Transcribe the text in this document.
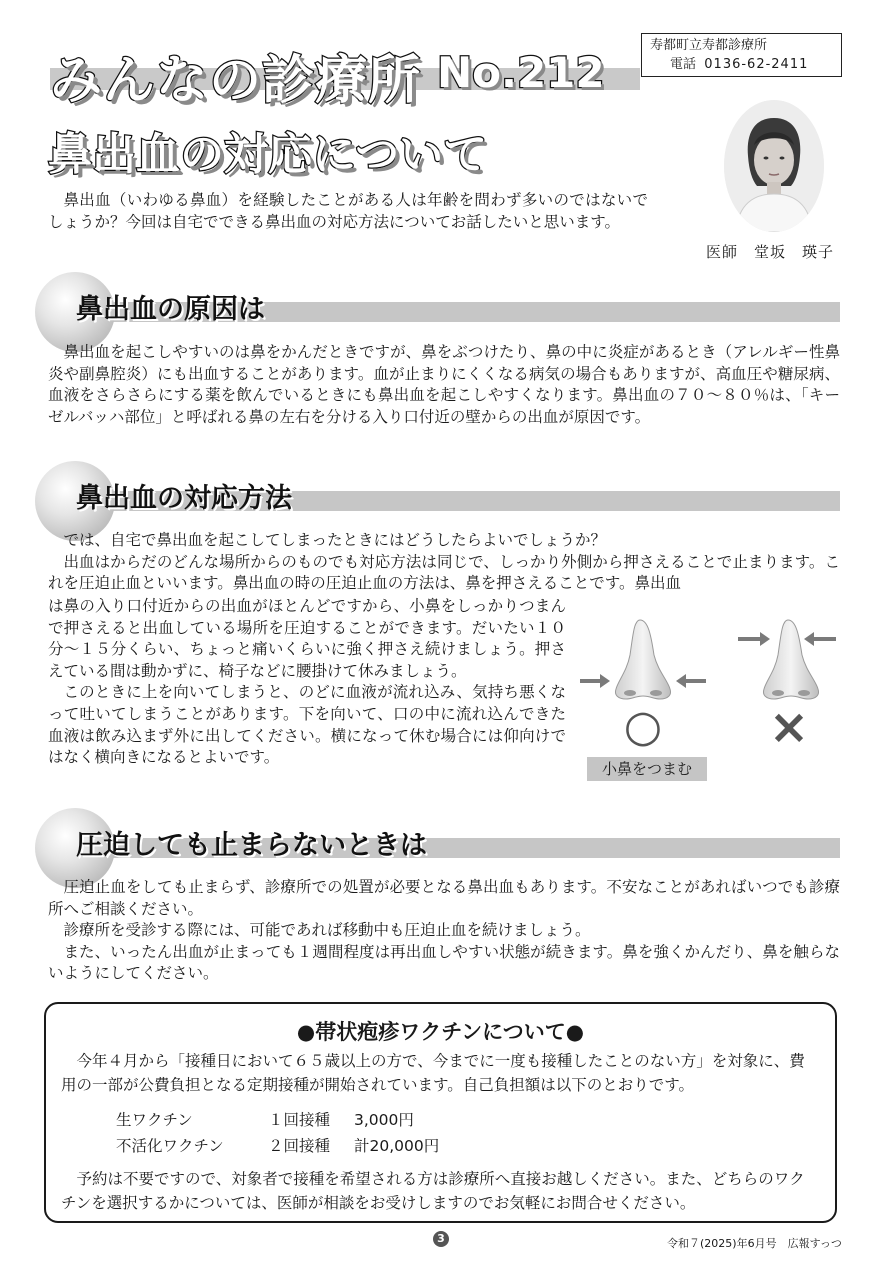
みんなの診療所 No.212
鼻出血の対応について
寿都町立寿都診療所
電話 0136-62-2411
医師　堂坂　瑛子

鼻出血（いわゆる鼻血）を経験したことがある人は年齢を問わず多いのではないでしょうか？今回は自宅でできる鼻出血の対応方法についてお話したいと思います。

鼻出血の原因は

鼻出血を起こしやすいのは鼻をかんだときですが、鼻をぶつけたり、鼻の中に炎症があるとき（アレルギー性鼻炎や副鼻腔炎）にも出血することがあります。血が止まりにくくなる病気の場合もありますが、高血圧や糖尿病、血液をさらさらにする薬を飲んでいるときにも鼻出血を起こしやすくなります。鼻出血の７０～８０％は、「キーゼルバッハ部位」と呼ばれる鼻の左右を分ける入り口付近の壁からの出血が原因です。

鼻出血の対応方法

では、自宅で鼻出血を起こしてしまったときにはどうしたらよいでしょうか？

出血はからだのどんな場所からのものでも対応方法は同じで、しっかり外側から押さえることで止まります。これを圧迫止血といいます。鼻出血の時の圧迫止血の方法は、鼻を押さえることです。鼻出血

は鼻の入り口付近からの出血がほとんどですから、小鼻をしっかりつまんで押さえると出血している場所を圧迫することができます。だいたい１０分～１５分くらい、ちょっと痛いくらいに強く押さえ続けましょう。押さえている間は動かずに、椅子などに腰掛けて休みましょう。

このときに上を向いてしまうと、のどに血液が流れ込み、気持ち悪くなって吐いてしまうことがあります。下を向いて、口の中に流れ込んできた血液は飲み込まず外に出してください。横になって休む場合には仰向けではなく横向きになるとよいです。

○ ×
小鼻をつまむ
圧迫しても止まらないときは

圧迫止血をしても止まらず、診療所での処置が必要となる鼻出血もあります。不安なことがあればいつでも診療所へご相談ください。

診療所を受診する際には、可能であれば移動中も圧迫止血を続けましょう。

また、いったん出血が止まっても１週間程度は再出血しやすい状態が続きます。鼻を強くかんだり、鼻を触らないようにしてください。

●帯状疱疹ワクチンについて●

今年４月から「接種日において６５歳以上の方で、今までに一度も接種したことのない方」を対象に、費用の一部が公費負担となる定期接種が開始されています。自己負担額は以下のとおりです。

生ワクチン	１回接種 3,000円
不活化ワクチン	２回接種 計20,000円

予約は不要ですので、対象者で接種を希望される方は診療所へ直接お越しください。また、どちらのワクチンを選択するかについては、医師が相談をお受けしますのでお気軽にお問合せください。

3	令和７(2025)年6月号　広報すっつ
